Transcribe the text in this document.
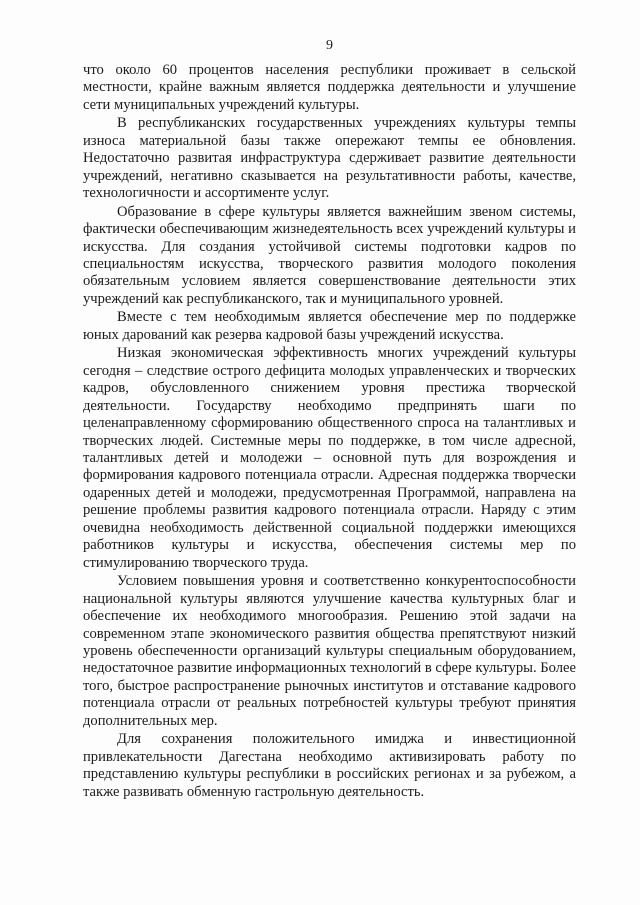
9

что около 60 процентов населения республики проживает в сельской местности, крайне важным является поддержка деятельности и улучшение сети муниципальных учреждений культуры.

В республиканских государственных учреждениях культуры темпы износа материальной базы также опережают темпы ее обновления. Недостаточно развитая инфраструктура сдерживает развитие деятельности учреждений, негативно сказывается на результативности работы, качестве, технологичности и ассортименте услуг.

Образование в сфере культуры является важнейшим звеном системы, фактически обеспечивающим жизнедеятельность всех учреждений культуры и искусства. Для создания устойчивой системы подготовки кадров по специальностям искусства, творческого развития молодого поколения обязательным условием является совершенствование деятельности этих учреждений как республиканского, так и муниципального уровней.

Вместе с тем необходимым является обеспечение мер по поддержке юных дарований как резерва кадровой базы учреждений искусства.

Низкая экономическая эффективность многих учреждений культуры сегодня – следствие острого дефицита молодых управленческих и творческих кадров, обусловленного снижением уровня престижа творческой деятельности. Государству необходимо предпринять шаги по целенаправленному сформированию общественного спроса на талантливых и творческих людей. Системные меры по поддержке, в том числе адресной, талантливых детей и молодежи – основной путь для возрождения и формирования кадрового потенциала отрасли. Адресная поддержка творчески одаренных детей и молодежи, предусмотренная Программой, направлена на решение проблемы развития кадрового потенциала отрасли. Наряду с этим очевидна необходимость действенной социальной поддержки имеющихся работников культуры и искусства, обеспечения системы мер по стимулированию творческого труда.

Условием повышения уровня и соответственно конкурентоспособности национальной культуры являются улучшение качества культурных благ и обеспечение их необходимого многообразия. Решению этой задачи на современном этапе экономического развития общества препятствуют низкий уровень обеспеченности организаций культуры специальным оборудованием, недостаточное развитие информационных технологий в сфере культуры. Более того, быстрое распространение рыночных институтов и отставание кадрового потенциала отрасли от реальных потребностей культуры требуют принятия дополнительных мер.

Для сохранения положительного имиджа и инвестиционной привлекательности Дагестана необходимо активизировать работу по представлению культуры республики в российских регионах и за рубежом, а также развивать обменную гастрольную деятельность.
